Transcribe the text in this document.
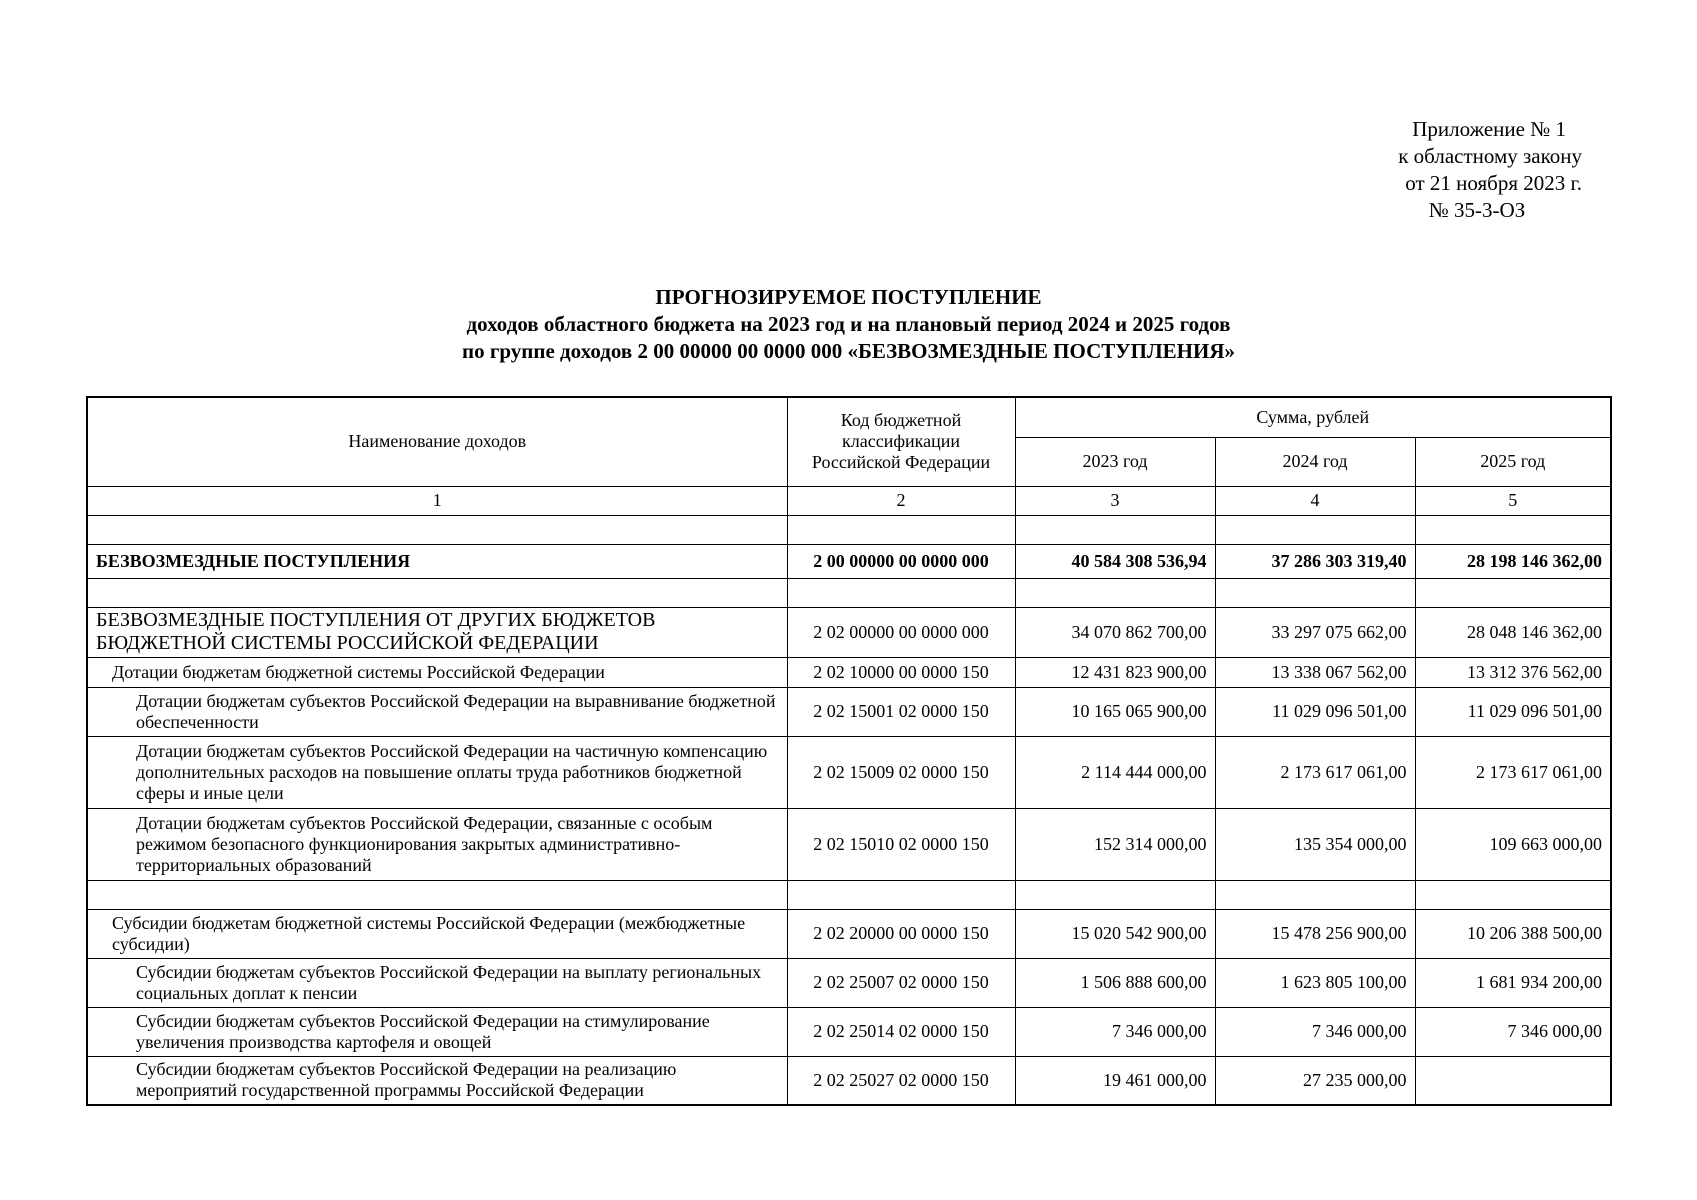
Приложение № 1
к областному закону
от 21 ноября 2023 г.
№ 35-3-ОЗ
ПРОГНОЗИРУЕМОЕ ПОСТУПЛЕНИЕ
доходов областного бюджета на 2023 год и на плановый период 2024 и 2025 годов
по группе доходов 2 00 00000 00 0000 000 «БЕЗВОЗМЕЗДНЫЕ ПОСТУПЛЕНИЯ»
Наименование доходов	Код бюджетной классификации Российской Федерации	Сумма, рублей		
		2023 год	2024 год	2025 год
1	2	3	4	5

БЕЗВОЗМЕЗДНЫЕ ПОСТУПЛЕНИЯ	2 00 00000 00 0000 000	40 584 308 536,94	37 286 303 319,40	28 198 146 362,00

БЕЗВОЗМЕЗДНЫЕ ПОСТУПЛЕНИЯ ОТ ДРУГИХ БЮДЖЕТОВ БЮДЖЕТНОЙ СИСТЕМЫ РОССИЙСКОЙ ФЕДЕРАЦИИ	2 02 00000 00 0000 000	34 070 862 700,00	33 297 075 662,00	28 048 146 362,00
Дотации бюджетам бюджетной системы Российской Федерации	2 02 10000 00 0000 150	12 431 823 900,00	13 338 067 562,00	13 312 376 562,00
Дотации бюджетам субъектов Российской Федерации на выравнивание бюджетной обеспеченности	2 02 15001 02 0000 150	10 165 065 900,00	11 029 096 501,00	11 029 096 501,00
Дотации бюджетам субъектов Российской Федерации на частичную компенсацию дополнительных расходов на повышение оплаты труда работников бюджетной сферы и иные цели	2 02 15009 02 0000 150	2 114 444 000,00	2 173 617 061,00	2 173 617 061,00
Дотации бюджетам субъектов Российской Федерации, связанные с особым режимом безопасного функционирования закрытых административно-территориальных образований	2 02 15010 02 0000 150	152 314 000,00	135 354 000,00	109 663 000,00

Субсидии бюджетам бюджетной системы Российской Федерации (межбюджетные субсидии)	2 02 20000 00 0000 150	15 020 542 900,00	15 478 256 900,00	10 206 388 500,00
Субсидии бюджетам субъектов Российской Федерации на выплату региональных социальных доплат к пенсии	2 02 25007 02 0000 150	1 506 888 600,00	1 623 805 100,00	1 681 934 200,00
Субсидии бюджетам субъектов Российской Федерации на стимулирование увеличения производства картофеля и овощей	2 02 25014 02 0000 150	7 346 000,00	7 346 000,00	7 346 000,00
Субсидии бюджетам субъектов Российской Федерации на реализацию мероприятий государственной программы Российской Федерации	2 02 25027 02 0000 150	19 461 000,00	27 235 000,00	
